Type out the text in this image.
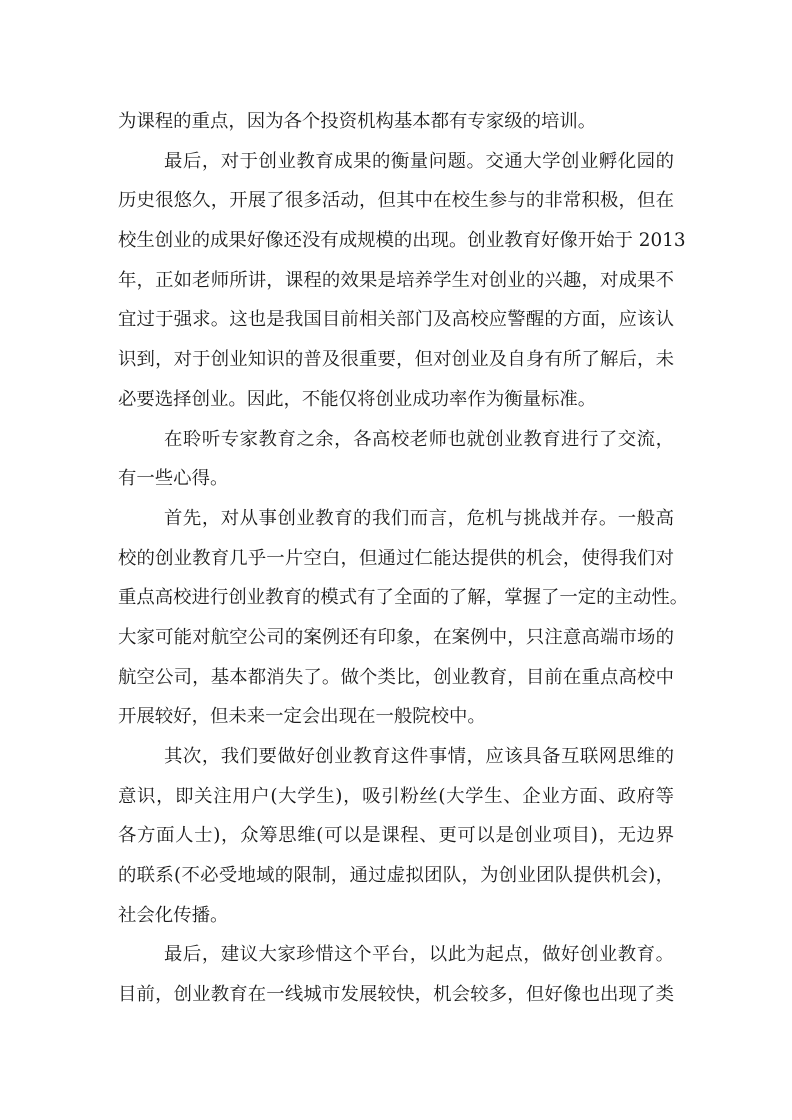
为课程的重点，因为各个投资机构基本都有专家级的培训。
最后，对于创业教育成果的衡量问题。交通大学创业孵化园的
历史很悠久，开展了很多活动，但其中在校生参与的非常积极，但在
校生创业的成果好像还没有成规模的出现。创业教育好像开始于 2013
年，正如老师所讲，课程的效果是培养学生对创业的兴趣，对成果不
宜过于强求。这也是我国目前相关部门及高校应警醒的方面，应该认
识到，对于创业知识的普及很重要，但对创业及自身有所了解后，未
必要选择创业。因此，不能仅将创业成功率作为衡量标准。
在聆听专家教育之余，各高校老师也就创业教育进行了交流，
有一些心得。
首先，对从事创业教育的我们而言，危机与挑战并存。一般高
校的创业教育几乎一片空白，但通过仁能达提供的机会，使得我们对
重点高校进行创业教育的模式有了全面的了解，掌握了一定的主动性。
大家可能对航空公司的案例还有印象，在案例中，只注意高端市场的
航空公司，基本都消失了。做个类比，创业教育，目前在重点高校中
开展较好，但未来一定会出现在一般院校中。
其次，我们要做好创业教育这件事情，应该具备互联网思维的
意识，即关注用户(大学生)，吸引粉丝(大学生、企业方面、政府等
各方面人士)，众筹思维(可以是课程、更可以是创业项目)，无边界
的联系(不必受地域的限制，通过虚拟团队，为创业团队提供机会)，
社会化传播。
最后，建议大家珍惜这个平台，以此为起点，做好创业教育。
目前，创业教育在一线城市发展较快，机会较多，但好像也出现了类
